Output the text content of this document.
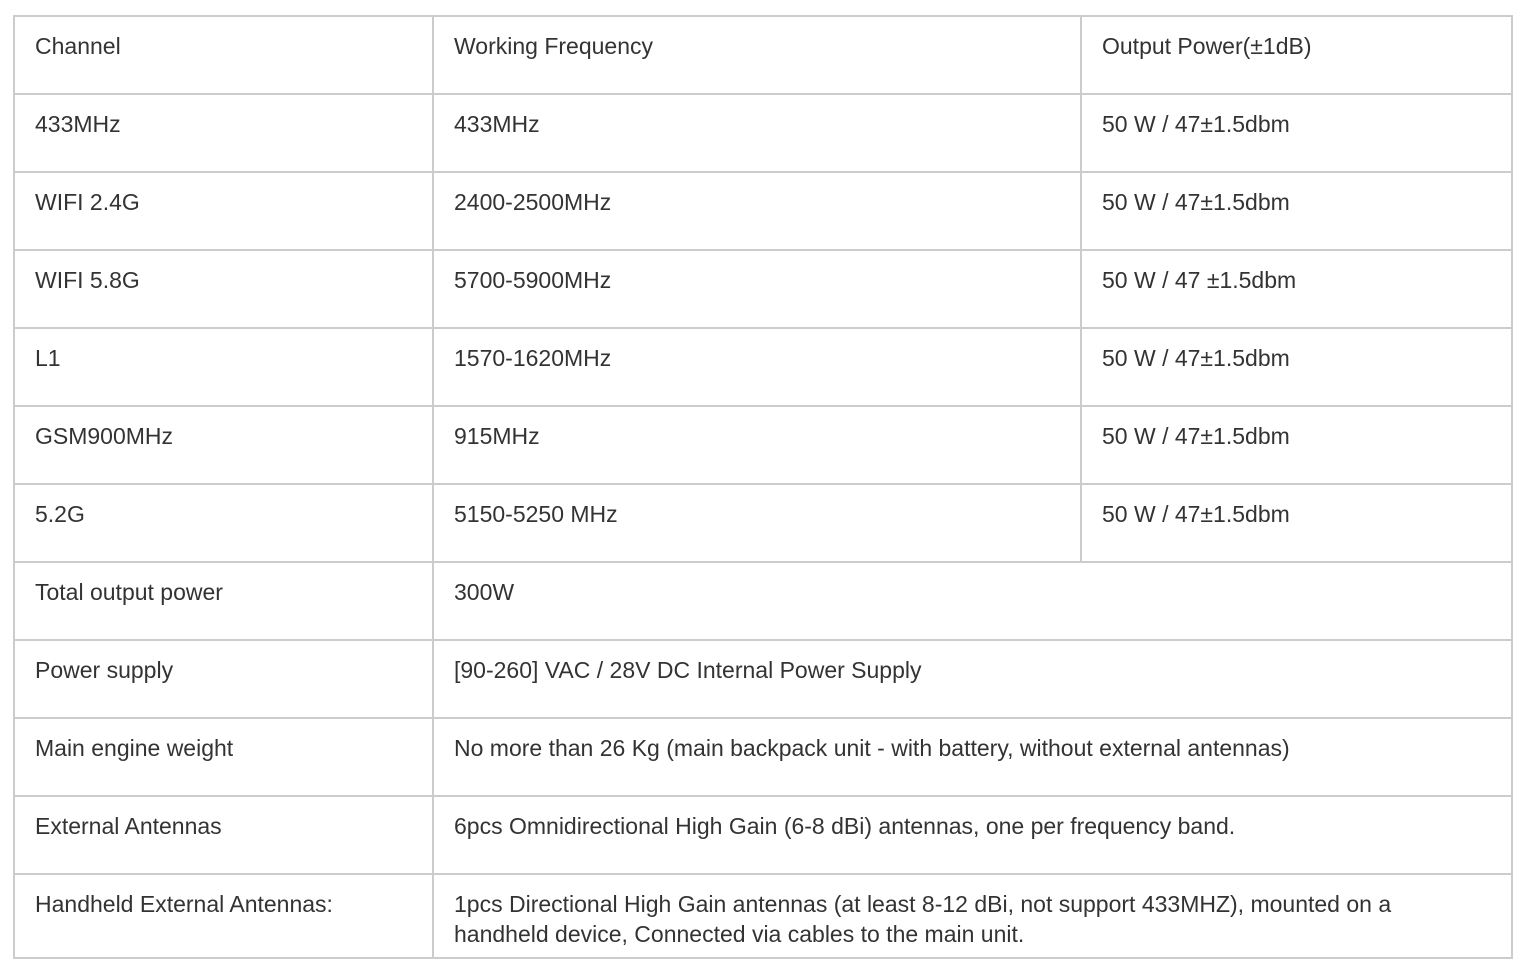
Channel	Working Frequency	Output Power(±1dB)
433MHz	433MHz	50 W / 47±1.5dbm
WIFI 2.4G	2400-2500MHz	50 W / 47±1.5dbm
WIFI 5.8G	5700-5900MHz	50 W / 47 ±1.5dbm
L1	1570-1620MHz	50 W / 47±1.5dbm
GSM900MHz	915MHz	50 W / 47±1.5dbm
5.2G	5150-5250 MHz	50 W / 47±1.5dbm
Total output power	300W	
Power supply	[90-260] VAC / 28V DC Internal Power Supply	
Main engine weight	No more than 26 Kg (main backpack unit - with battery, without external antennas)	
External Antennas	6pcs Omnidirectional High Gain (6-8 dBi) antennas, one per frequency band.	
Handheld External Antennas:	1pcs Directional High Gain antennas (at least 8-12 dBi, not support 433MHZ), mounted on a handheld device, Connected via cables to the main unit.	
